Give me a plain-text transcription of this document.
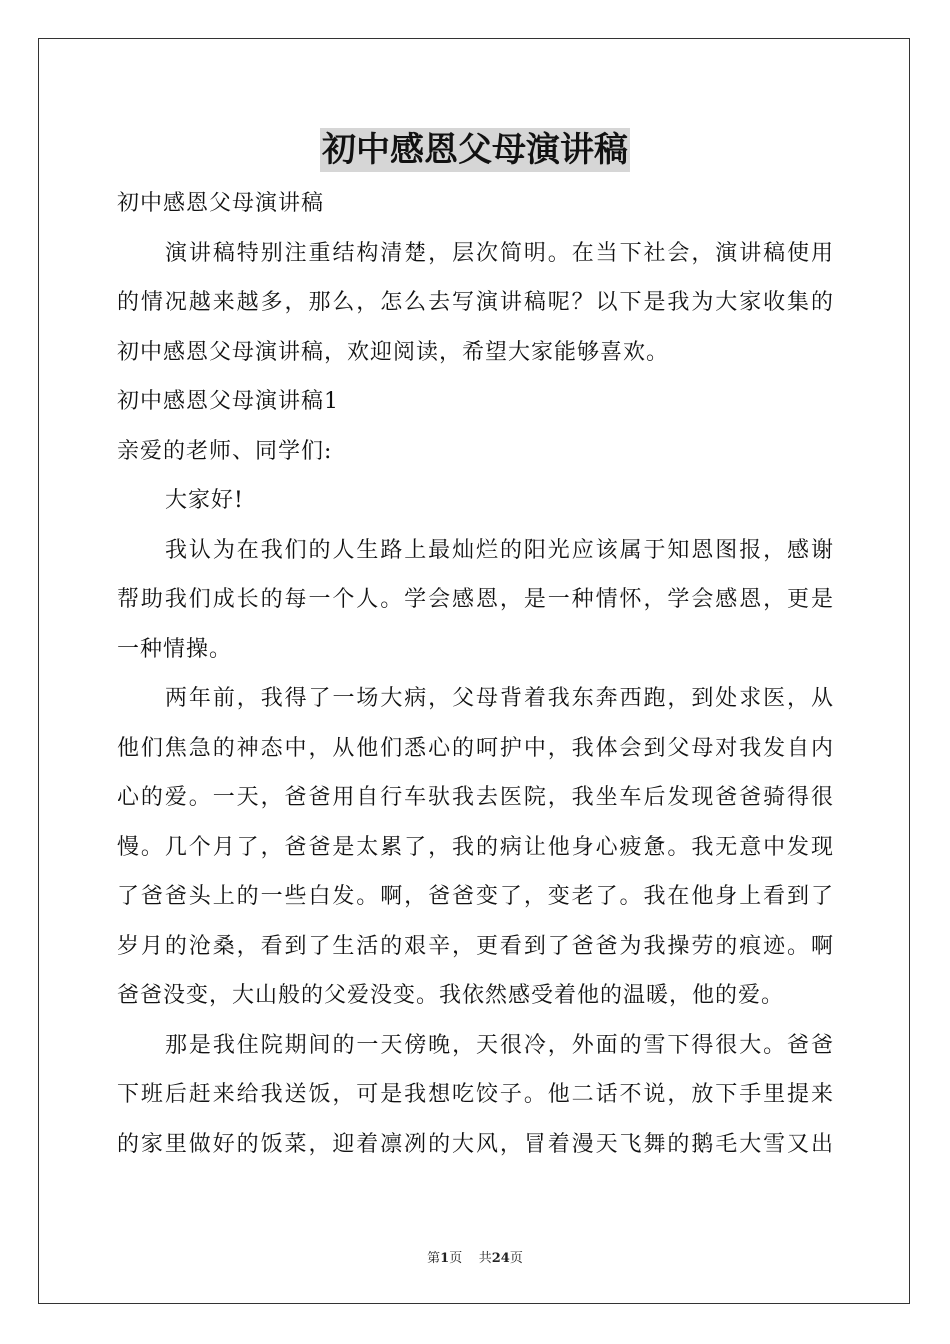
初中感恩父母演讲稿
初中感恩父母演讲稿
演讲稿特别注重结构清楚，层次简明。在当下社会，演讲稿使用
的情况越来越多，那么，怎么去写演讲稿呢？以下是我为大家收集的
初中感恩父母演讲稿，欢迎阅读，希望大家能够喜欢。
初中感恩父母演讲稿1
亲爱的老师、同学们:
大家好!
我认为在我们的人生路上最灿烂的阳光应该属于知恩图报，感谢
帮助我们成长的每一个人。学会感恩，是一种情怀，学会感恩，更是
一种情操。
两年前，我得了一场大病，父母背着我东奔西跑，到处求医，从
他们焦急的神态中，从他们悉心的呵护中，我体会到父母对我发自内
心的爱。一天，爸爸用自行车驮我去医院，我坐车后发现爸爸骑得很
慢。几个月了，爸爸是太累了，我的病让他身心疲惫。我无意中发现
了爸爸头上的一些白发。啊，爸爸变了，变老了。我在他身上看到了
岁月的沧桑，看到了生活的艰辛，更看到了爸爸为我操劳的痕迹。啊
爸爸没变，大山般的父爱没变。我依然感受着他的温暖，他的爱。
那是我住院期间的一天傍晚，天很冷，外面的雪下得很大。爸爸
下班后赶来给我送饭，可是我想吃饺子。他二话不说，放下手里提来
的家里做好的饭菜，迎着凛冽的大风，冒着漫天飞舞的鹅毛大雪又出
第1页 共24页
